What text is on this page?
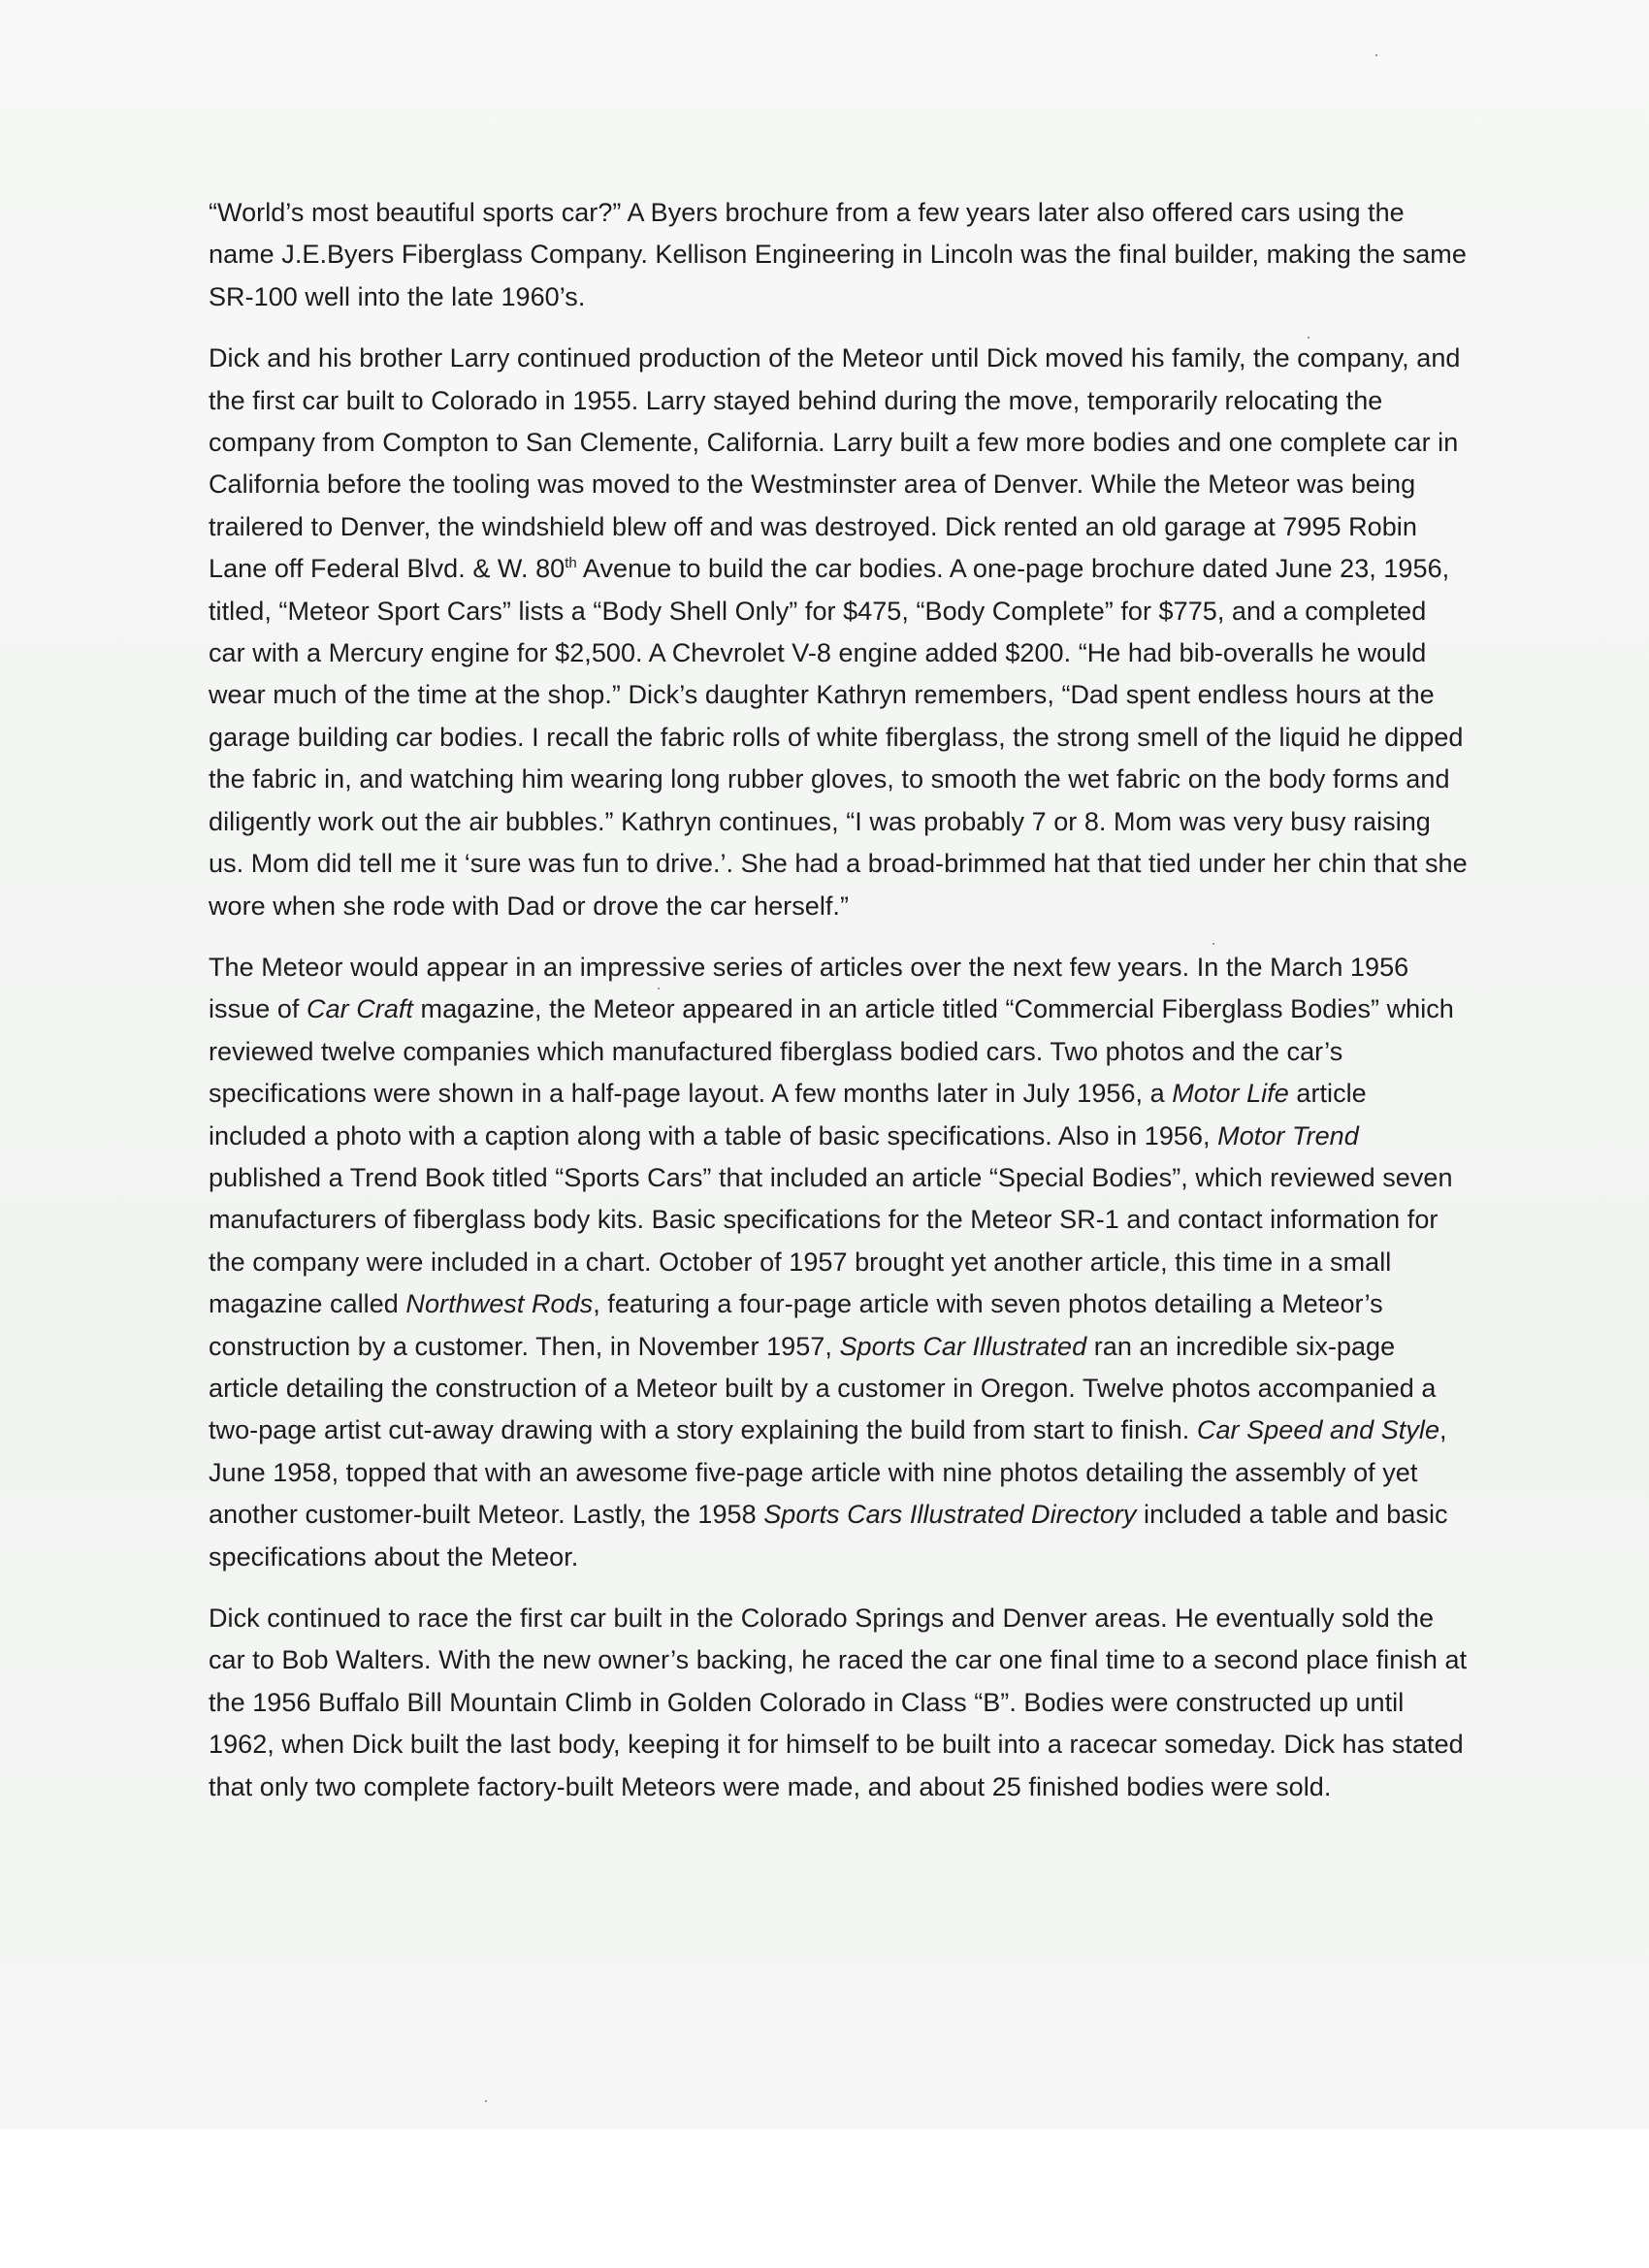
“World’s most beautiful sports car?” A Byers brochure from a few years later also offered cars using the name J.E.Byers Fiberglass Company. Kellison Engineering in Lincoln was the final builder, making the same SR-100 well into the late 1960’s.

Dick and his brother Larry continued production of the Meteor until Dick moved his family, the company, and the first car built to Colorado in 1955. Larry stayed behind during the move, temporarily relocating the company from Compton to San Clemente, California. Larry built a few more bodies and one complete car in California before the tooling was moved to the Westminster area of Denver. While the Meteor was being trailered to Denver, the windshield blew off and was destroyed. Dick rented an old garage at 7995 Robin Lane off Federal Blvd. & W. 80th Avenue to build the car bodies. A one-page brochure dated June 23, 1956, titled, “Meteor Sport Cars” lists a “Body Shell Only” for $475, “Body Complete” for $775, and a completed car with a Mercury engine for $2,500. A Chevrolet V-8 engine added $200. “He had bib-overalls he would wear much of the time at the shop.” Dick’s daughter Kathryn remembers, “Dad spent endless hours at the garage building car bodies. I recall the fabric rolls of white fiberglass, the strong smell of the liquid he dipped the fabric in, and watching him wearing long rubber gloves, to smooth the wet fabric on the body forms and diligently work out the air bubbles.” Kathryn continues, “I was probably 7 or 8. Mom was very busy raising us. Mom did tell me it ‘sure was fun to drive.’. She had a broad-brimmed hat that tied under her chin that she wore when she rode with Dad or drove the car herself.”

The Meteor would appear in an impressive series of articles over the next few years. In the March 1956 issue of Car Craft magazine, the Meteor appeared in an article titled “Commercial Fiberglass Bodies” which reviewed twelve companies which manufactured fiberglass bodied cars. Two photos and the car’s specifications were shown in a half-page layout. A few months later in July 1956, a Motor Life article included a photo with a caption along with a table of basic specifications. Also in 1956, Motor Trend published a Trend Book titled “Sports Cars” that included an article “Special Bodies”, which reviewed seven manufacturers of fiberglass body kits. Basic specifications for the Meteor SR-1 and contact information for the company were included in a chart. October of 1957 brought yet another article, this time in a small magazine called Northwest Rods, featuring a four-page article with seven photos detailing a Meteor’s construction by a customer. Then, in November 1957, Sports Car Illustrated ran an incredible six-page article detailing the construction of a Meteor built by a customer in Oregon. Twelve photos accompanied a two-page artist cut-away drawing with a story explaining the build from start to finish. Car Speed and Style, June 1958, topped that with an awesome five-page article with nine photos detailing the assembly of yet another customer-built Meteor. Lastly, the 1958 Sports Cars Illustrated Directory included a table and basic specifications about the Meteor.

Dick continued to race the first car built in the Colorado Springs and Denver areas. He eventually sold the car to Bob Walters. With the new owner’s backing, he raced the car one final time to a second place finish at the 1956 Buffalo Bill Mountain Climb in Golden Colorado in Class “B”. Bodies were constructed up until 1962, when Dick built the last body, keeping it for himself to be built into a racecar someday. Dick has stated that only two complete factory-built Meteors were made, and about 25 finished bodies were sold.
